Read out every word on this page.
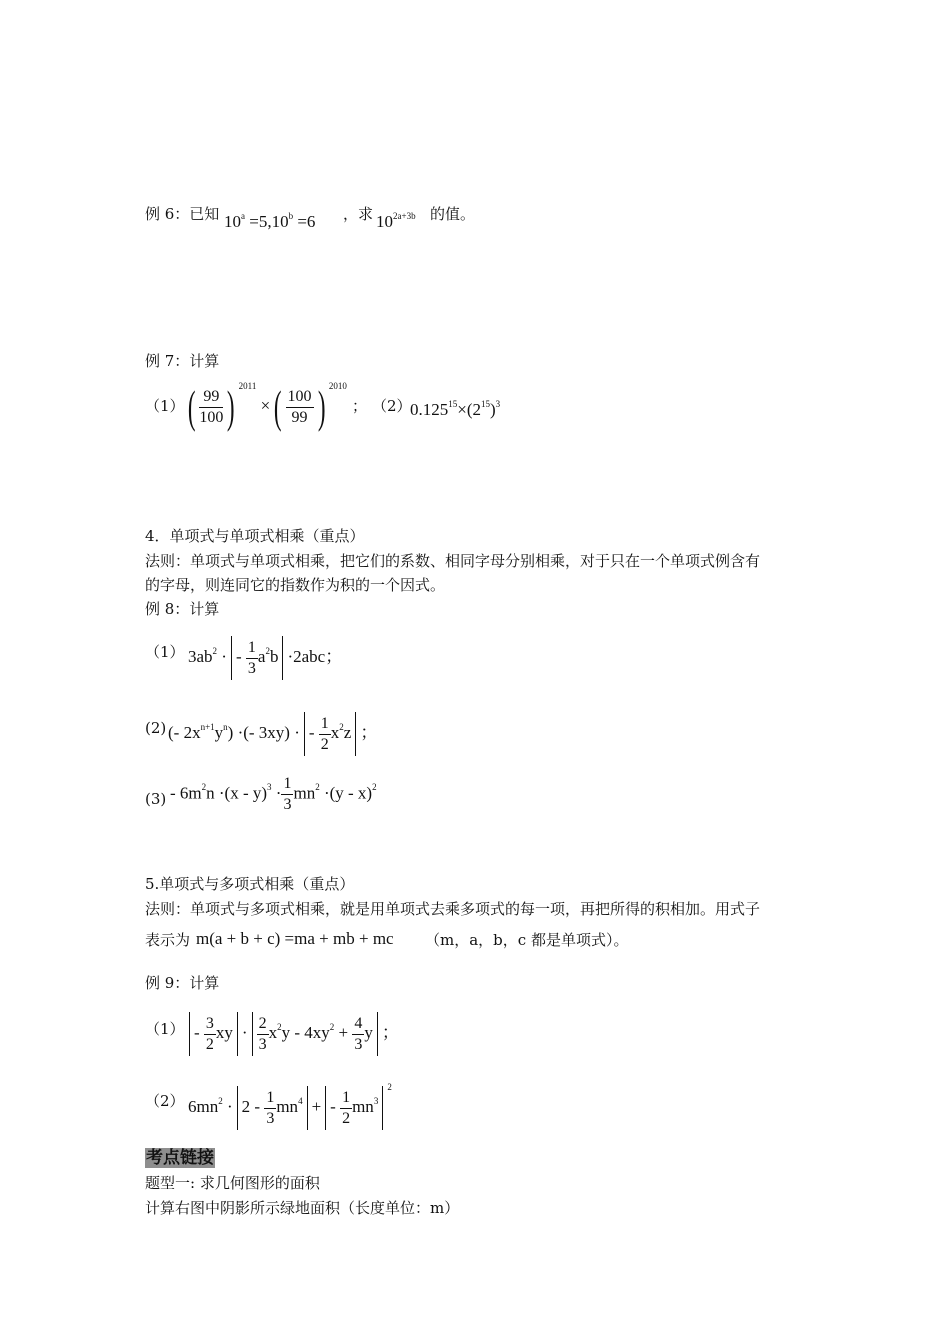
例 6：已知 $10^a =5,10^b =6$ ，求 $10^{2a+3b}$ 的值。
例 7：计算
（1） ( $\frac{99}{100}$ ) $^{2011}$ ×( $\frac{100}{99}$ ) $^{2010}$
； （2）
$0.125^{15}\times(2^{15})^3$
4．单项式与单项式相乘（重点）
法则：单项式与单项式相乘，把它们的系数、相同字母分别相乘，对于只在一个单项式例含有
的字母，则连同它的指数作为积的一个因式。
例 8：计算
（1） $3ab^2$ · - $\frac{1}{3} a^2b \cdot 2abc$；
(2) (- $2x^{n+1}y^n$) ·(- 3xy) · - $\frac{1}{2} x^2z$ ；
$(3) - 6m^2n \cdot(x - y)^3 \cdot \frac{1}{3} mn^2 \cdot(y - x)^2$
5.单项式与多项式相乘（重点）
法则：单项式与多项式相乘，就是用单项式去乘多项式的每一项，再把所得的积相加。用式子
表示为 m(a + b + c) =ma + mb + mc （m，a，b，c 都是单项式）。
例 9：计算
$(1) - \frac{3}{2}$ xy · $\frac{2}{3} x^2y - 4xy^2 + \frac{4}{3}$ y ；
（2） $6mn^2 \cdot 2 - \frac{1}{3} mn^4$ + - $\frac{1}{2} mn^{32}$
考点链接
题型一: 求几何图形的面积
计算右图中阴影所示绿地面积（长度单位：m）
